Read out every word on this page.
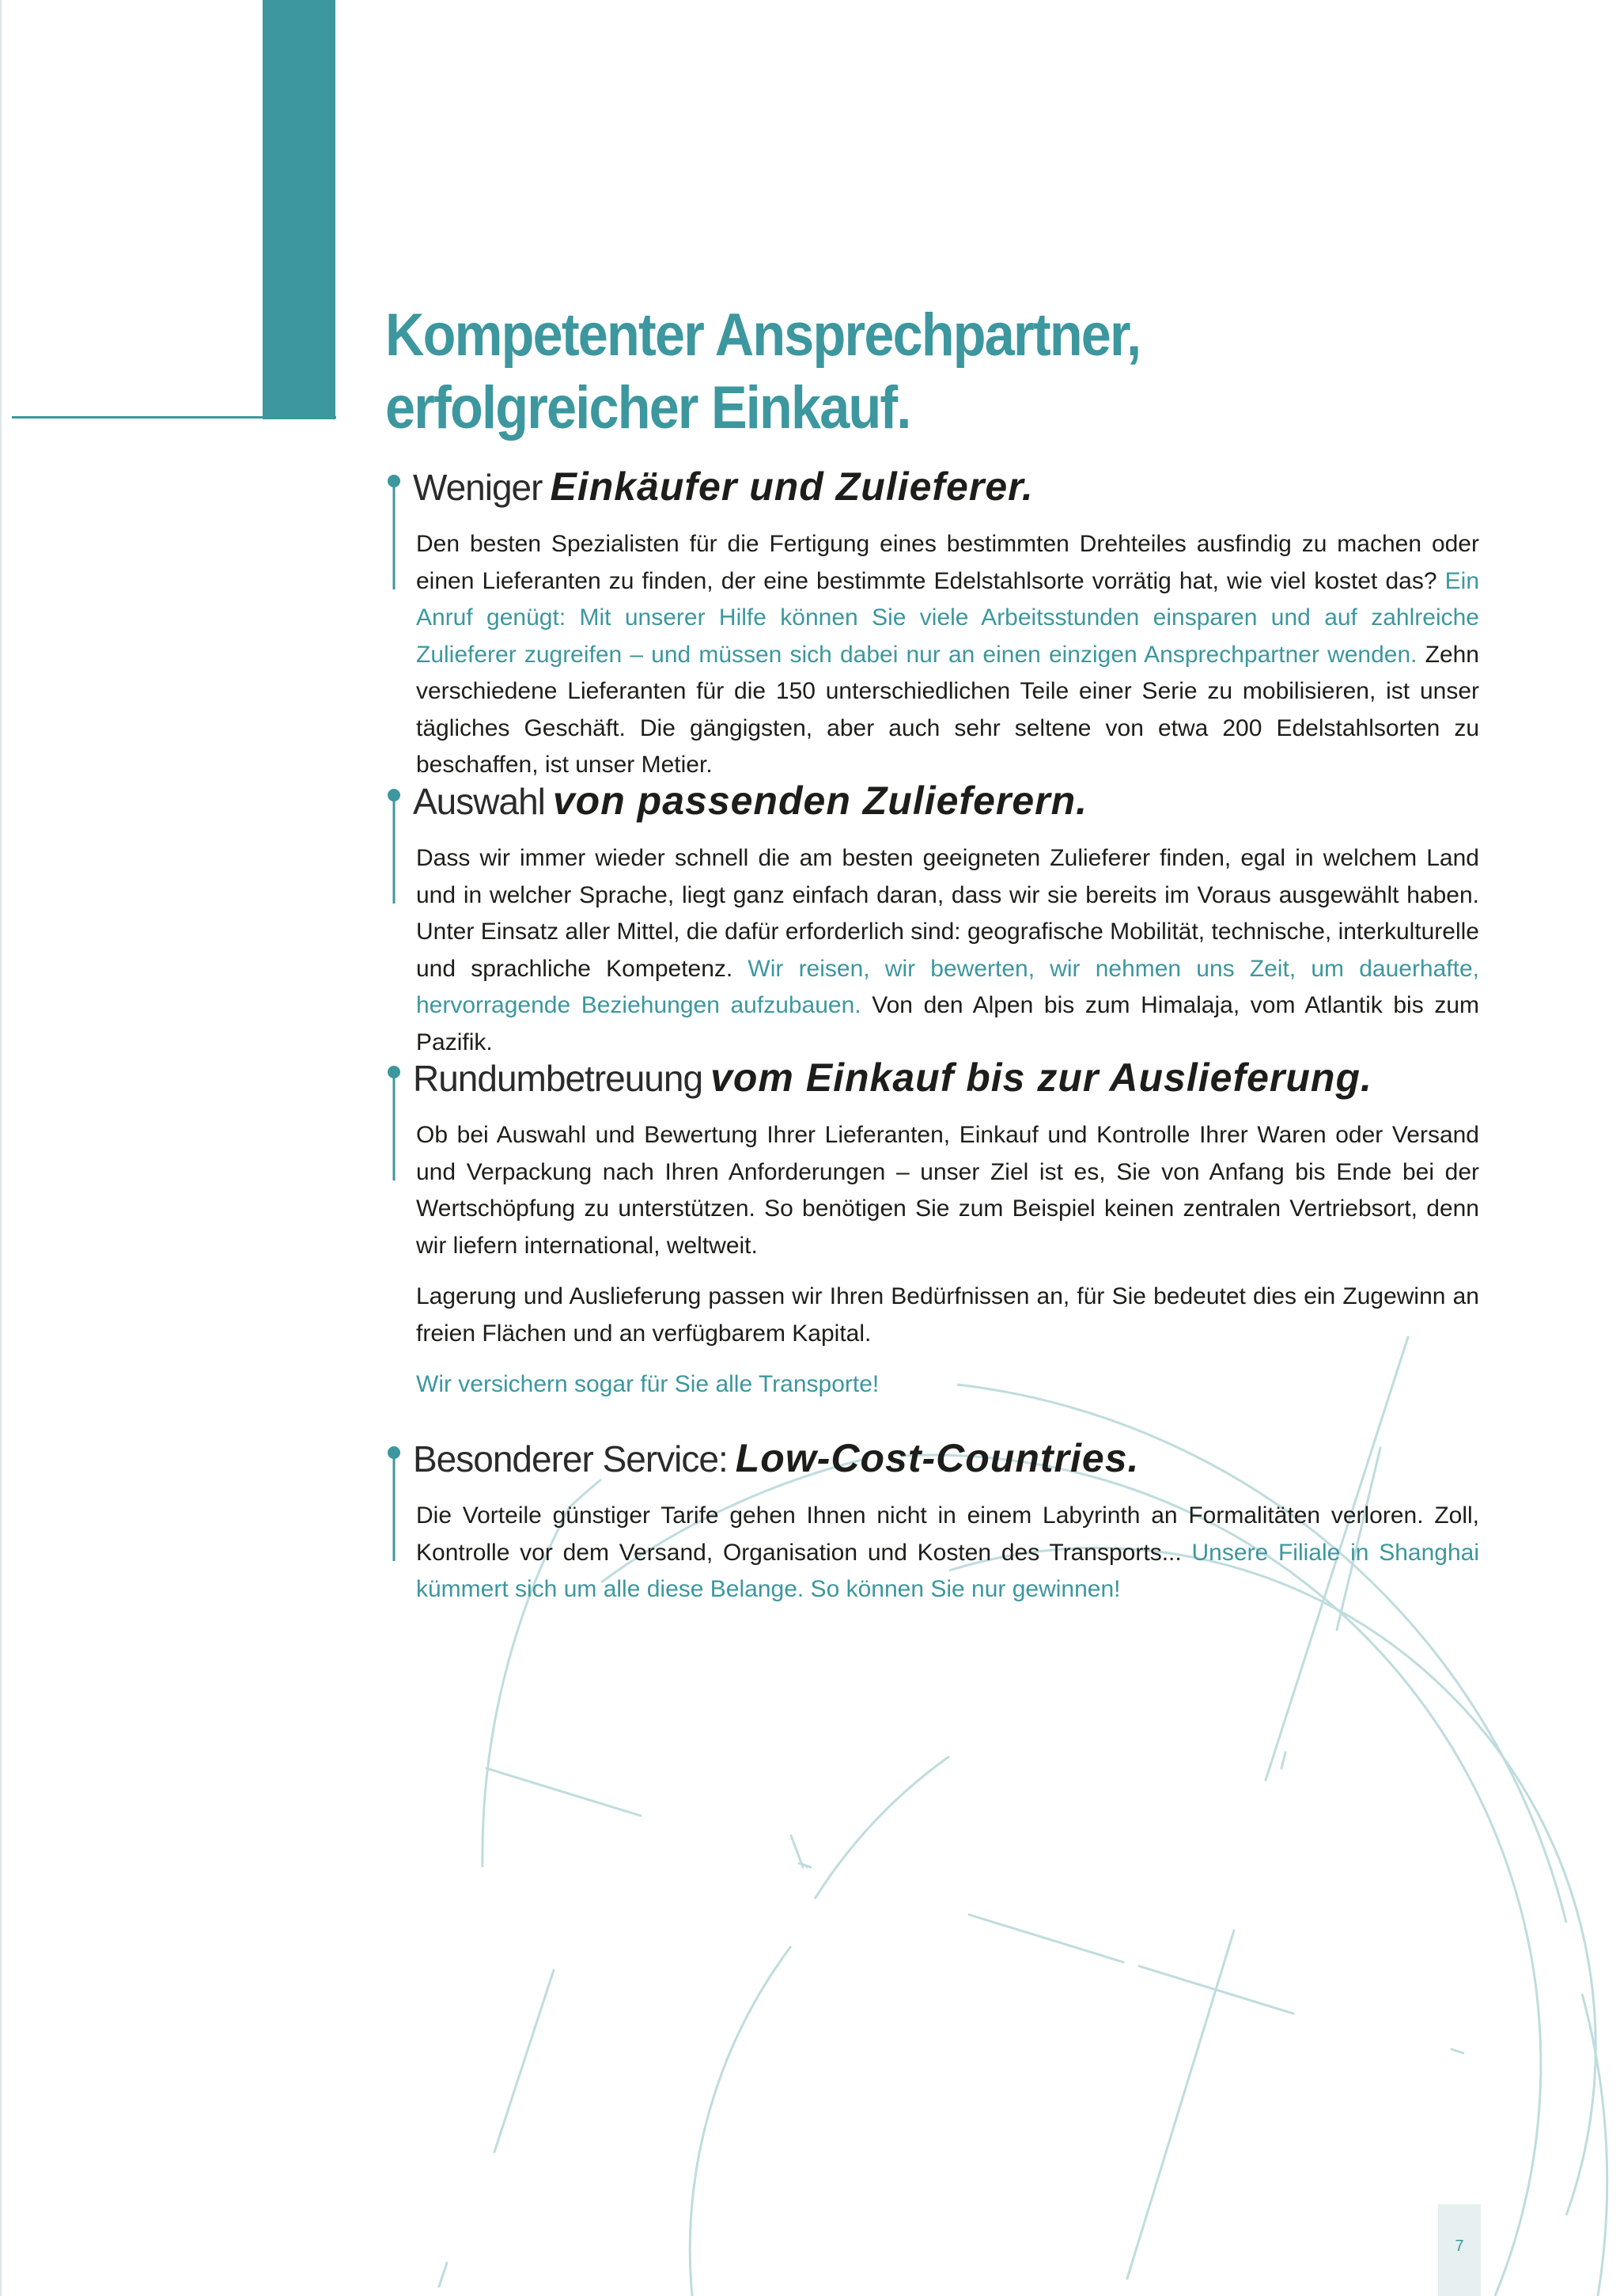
Kompetenter Ansprechpartner, erfolgreicher Einkauf.
Weniger Einkäufer und Zulieferer.

Den besten Spezialisten für die Fertigung eines bestimmten Drehteiles ausfindig zu machen oder einen Lieferanten zu finden, der eine bestimmte Edelstahlsorte vorrätig hat, wie viel kostet das? Ein Anruf genügt: Mit unserer Hilfe können Sie viele Arbeitsstunden einsparen und auf zahlreiche Zulieferer zugreifen – und müssen sich dabei nur an einen einzigen Ansprechpartner wenden. Zehn verschiedene Lieferanten für die 150 unterschiedlichen Teile einer Serie zu mobilisieren, ist unser tägliches Geschäft. Die gängigsten, aber auch sehr seltene von etwa 200 Edelstahlsorten zu beschaffen, ist unser Metier.

Auswahl von passenden Zulieferern.

Dass wir immer wieder schnell die am besten geeigneten Zulieferer finden, egal in welchem Land und in welcher Sprache, liegt ganz einfach daran, dass wir sie bereits im Voraus ausgewählt haben. Unter Einsatz aller Mittel, die dafür erforderlich sind: geografische Mobilität, technische, interkulturelle und sprachliche Kompetenz. Wir reisen, wir bewerten, wir nehmen uns Zeit, um dauerhafte, hervorragende Beziehungen aufzubauen. Von den Alpen bis zum Himalaja, vom Atlantik bis zum Pazifik.

Rundumbetreuung vom Einkauf bis zur Auslieferung.

Ob bei Auswahl und Bewertung Ihrer Lieferanten, Einkauf und Kontrolle Ihrer Waren oder Versand und Verpackung nach Ihren Anforderungen – unser Ziel ist es, Sie von Anfang bis Ende bei der Wertschöpfung zu unterstützen. So benötigen Sie zum Beispiel keinen zentralen Vertriebsort, denn wir liefern international, weltweit.

Lagerung und Auslieferung passen wir Ihren Bedürfnissen an, für Sie bedeutet dies ein Zugewinn an freien Flächen und an verfügbarem Kapital.

Wir versichern sogar für Sie alle Transporte!

Besonderer Service: Low-Cost-Countries.

Die Vorteile günstiger Tarife gehen Ihnen nicht in einem Labyrinth an Formalitäten verloren. Zoll, Kontrolle vor dem Versand, Organisation und Kosten des Transports... Unsere Filiale in Shanghai kümmert sich um alle diese Belange. So können Sie nur gewinnen!

7
